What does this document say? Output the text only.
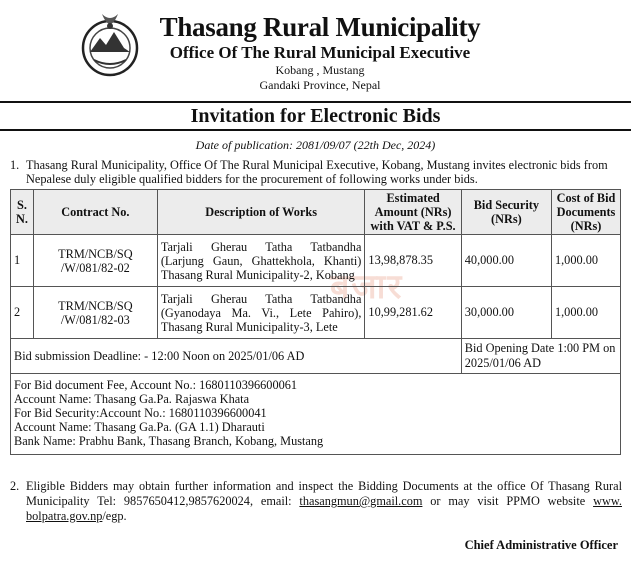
Thasang Rural Municipality
Office Of The Rural Municipal Executive
Kobang , Mustang
Gandaki Province, Nepal
Invitation for Electronic Bids
Date of publication: 2081/09/07 (22th Dec, 2024)
1. Thasang Rural Municipality, Office Of The Rural Municipal Executive, Kobang, Mustang invites electronic bids from Nepalese duly eligible qualified bidders for the procurement of following works under bids.
बजार
S. N.	Contract No.	Description of Works	Estimated Amount (NRs) with VAT & P.S.	Bid Security (NRs)	Cost of Bid Documents (NRs)
1	TRM/NCB/SQ /W/081/82-02	Tarjali Gherau Tatha Tatbandha (Larjung Gaun, Ghattekhola, Khanti) Thasang Rural Municipality-2, Kobang	13,98,878.35	40,000.00	1,000.00
2	TRM/NCB/SQ /W/081/82-03	Tarjali Gherau Tatha Tatbandha (Gyanodaya Ma. Vi., Lete Pahiro), Thasang Rural Municipality-3, Lete	10,99,281.62	30,000.00	1,000.00
Bid submission Deadline: - 12:00 Noon on 2025/01/06 AD				Bid Opening Date 1:00 PM on 2025/01/06 AD	

For Bid document Fee, Account No.: 1680110396600061
Account Name: Thasang Ga.Pa. Rajaswa Khata
For Bid Security:Account No.: 1680110396600041
Account Name: Thasang Ga.Pa. (GA 1.1) Dharauti
Bank Name: Prabhu Bank, Thasang Branch, Kobang, Mustang					
2. Eligible Bidders may obtain further information and inspect the Bidding Documents at the office Of Thasang Rural Municipality Tel: 9857650412,9857620024, email: thasangmun@gmail.com or may visit PPMO website www. bolpatra.gov.np/egp.
Chief Administrative Officer
